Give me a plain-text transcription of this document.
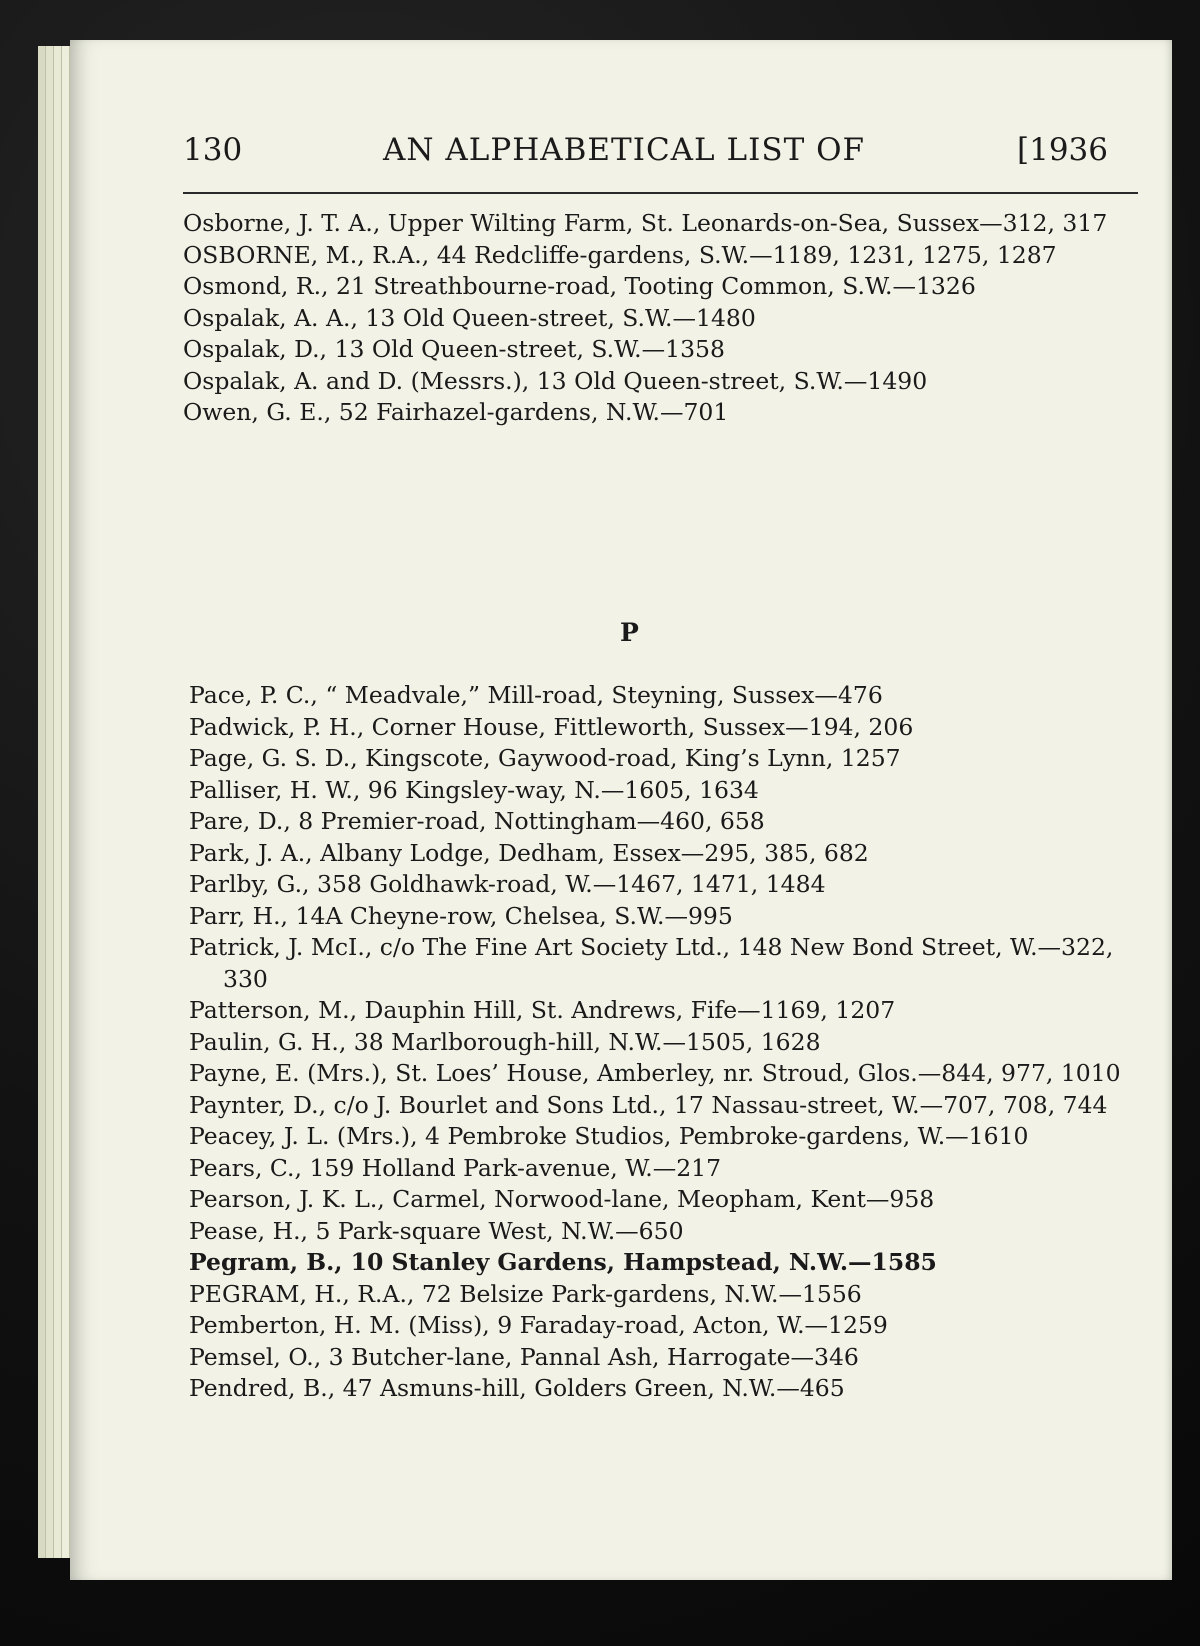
130	AN ALPHABETICAL LIST OF	[1936

Osborne, J. T. A., Upper Wilting Farm, St. Leonards-on-Sea, Sussex—312, 317

OSBORNE, M., R.A., 44 Redcliffe-gardens, S.W.—1189, 1231, 1275, 1287

Osmond, R., 21 Streathbourne-road, Tooting Common, S.W.—1326

Ospalak, A. A., 13 Old Queen-street, S.W.—1480

Ospalak, D., 13 Old Queen-street, S.W.—1358

Ospalak, A. and D. (Messrs.), 13 Old Queen-street, S.W.—1490

Owen, G. E., 52 Fairhazel-gardens, N.W.—701

P

Pace, P. C., “ Meadvale,” Mill-road, Steyning, Sussex—476

Padwick, P. H., Corner House, Fittleworth, Sussex—194, 206

Page, G. S. D., Kingscote, Gaywood-road, King’s Lynn, 1257

Palliser, H. W., 96 Kingsley-way, N.—1605, 1634

Pare, D., 8 Premier-road, Nottingham—460, 658

Park, J. A., Albany Lodge, Dedham, Essex—295, 385, 682

Parlby, G., 358 Goldhawk-road, W.—1467, 1471, 1484

Parr, H., 14A Cheyne-row, Chelsea, S.W.—995

Patrick, J. McI., c/o The Fine Art Society Ltd., 148 New Bond Street, W.—322, 330

Patterson, M., Dauphin Hill, St. Andrews, Fife—1169, 1207

Paulin, G. H., 38 Marlborough-hill, N.W.—1505, 1628

Payne, E. (Mrs.), St. Loes’ House, Amberley, nr. Stroud, Glos.—844, 977, 1010

Paynter, D., c/o J. Bourlet and Sons Ltd., 17 Nassau-street, W.—707, 708, 744

Peacey, J. L. (Mrs.), 4 Pembroke Studios, Pembroke-gardens, W.—1610

Pears, C., 159 Holland Park-avenue, W.—217

Pearson, J. K. L., Carmel, Norwood-lane, Meopham, Kent—958

Pease, H., 5 Park-square West, N.W.—650

Pegram, B., 10 Stanley Gardens, Hampstead, N.W.—1585

PEGRAM, H., R.A., 72 Belsize Park-gardens, N.W.—1556

Pemberton, H. M. (Miss), 9 Faraday-road, Acton, W.—1259

Pemsel, O., 3 Butcher-lane, Pannal Ash, Harrogate—346

Pendred, B., 47 Asmuns-hill, Golders Green, N.W.—465
